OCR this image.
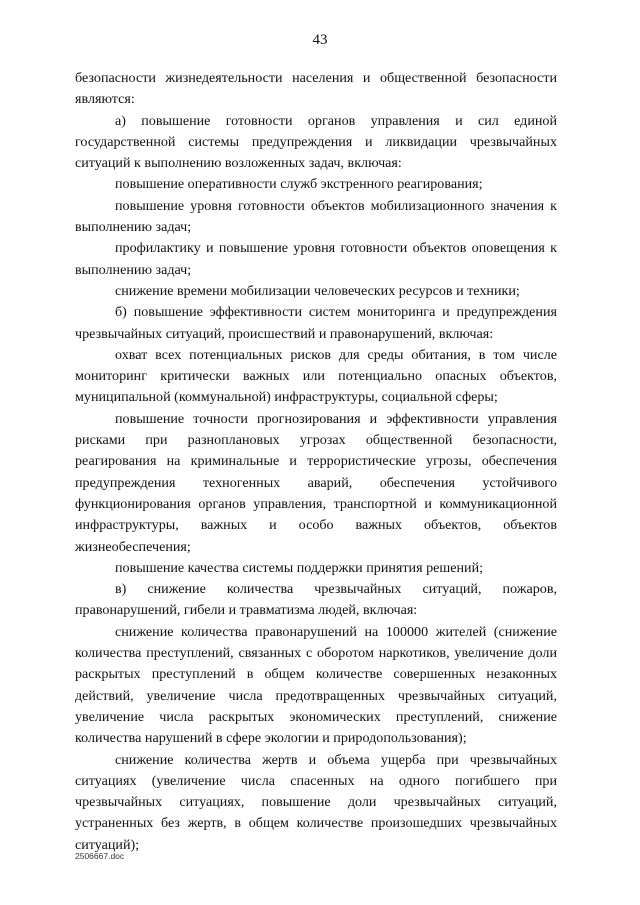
43

безопасности жизнедеятельности населения и общественной безопасности являются:

а) повышение готовности органов управления и сил единой государственной системы предупреждения и ликвидации чрезвычайных ситуаций к выполнению возложенных задач, включая:

повышение оперативности служб экстренного реагирования;

повышение уровня готовности объектов мобилизационного значения к выполнению задач;

профилактику и повышение уровня готовности объектов оповещения к выполнению задач;

снижение времени мобилизации человеческих ресурсов и техники;

б) повышение эффективности систем мониторинга и предупреждения чрезвычайных ситуаций, происшествий и правонарушений, включая:

охват всех потенциальных рисков для среды обитания, в том числе мониторинг критически важных или потенциально опасных объектов, муниципальной (коммунальной) инфраструктуры, социальной сферы;

повышение точности прогнозирования и эффективности управления рисками при разноплановых угрозах общественной безопасности, реагирования на криминальные и террористические угрозы, обеспечения предупреждения техногенных аварий, обеспечения устойчивого функционирования органов управления, транспортной и коммуникационной инфраструктуры, важных и особо важных объектов, объектов жизнеобеспечения;

повышение качества системы поддержки принятия решений;

в) снижение количества чрезвычайных ситуаций, пожаров, правонарушений, гибели и травматизма людей, включая:

снижение количества правонарушений на 100000 жителей (снижение количества преступлений, связанных с оборотом наркотиков, увеличение доли раскрытых преступлений в общем количестве совершенных незаконных действий, увеличение числа предотвращенных чрезвычайных ситуаций, увеличение числа раскрытых экономических преступлений, снижение количества нарушений в сфере экологии и природопользования);

снижение количества жертв и объема ущерба при чрезвычайных ситуациях (увеличение числа спасенных на одного погибшего при чрезвычайных ситуациях, повышение доли чрезвычайных ситуаций, устраненных без жертв, в общем количестве произошедших чрезвычайных ситуаций);

2506667.doc
